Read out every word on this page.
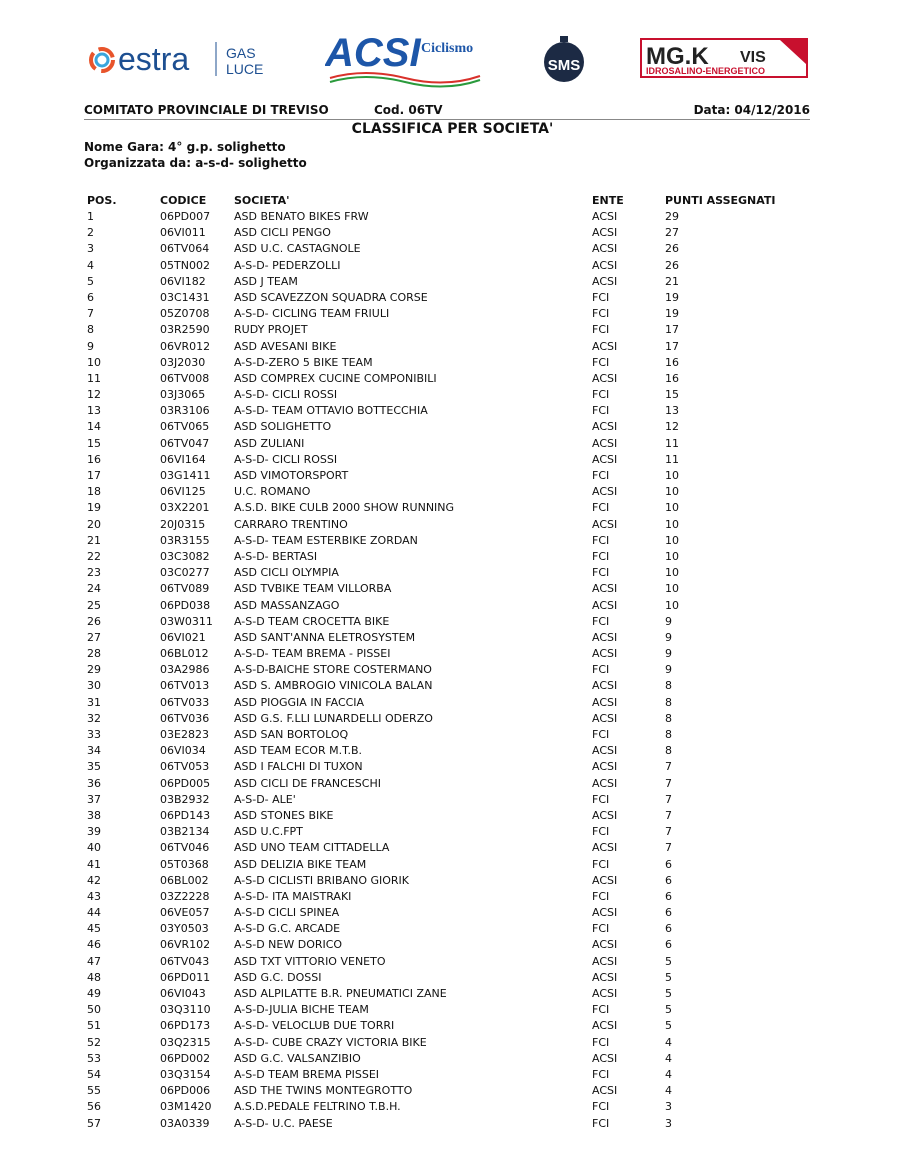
estra	GAS
LUCE ACSI Ciclismo
SMS	MG.K VIS
IDROSALINO-ENERGETICO
COMITATO PROVINCIALE DI TREVISO	Cod. 06TV	Data: 04/12/2016
CLASSIFICA PER SOCIETA'
Nome Gara: 4° g.p. solighetto
Organizzata da: a-s-d- solighetto
POS.	CODICE	SOCIETA'	ENTE	PUNTI ASSEGNATI
1	06PD007 ASD BENATO BIKES FRW	ACSI	29
2	06VI011	ASD CICLI PENGO	ACSI	27
3	06TV064 ASD U.C. CASTAGNOLE	ACSI	26
4	05TN002 A-S-D- PEDERZOLLI	ACSI	26
5	06VI182	ASD J TEAM	ACSI	21
6	03C1431 ASD SCAVEZZON SQUADRA CORSE	FCI	19
7	05Z0708 A-S-D- CICLING TEAM FRIULI	FCI	19
8	03R2590 RUDY PROJET	FCI	17
9	06VR012 ASD AVESANI BIKE	ACSI	17
10	03J2030	A-S-D-ZERO 5 BIKE TEAM	FCI	16
11	06TV008 ASD COMPREX CUCINE COMPONIBILI	ACSI	16
12	03J3065	A-S-D- CICLI ROSSI	FCI	15
13	03R3106 A-S-D- TEAM OTTAVIO BOTTECCHIA	FCI	13
14	06TV065 ASD SOLIGHETTO	ACSI	12
15	06TV047 ASD ZULIANI	ACSI	11
16	06VI164	A-S-D- CICLI ROSSI	ACSI	11
17	03G1411 ASD VIMOTORSPORT	FCI	10
18	06VI125	U.C. ROMANO	ACSI	10
19	03X2201 A.S.D. BIKE CULB 2000 SHOW RUNNING	FCI	10
20	20J0315	CARRARO TRENTINO	ACSI	10
21	03R3155 A-S-D- TEAM ESTERBIKE ZORDAN	FCI	10
22	03C3082 A-S-D- BERTASI	FCI	10
23	03C0277 ASD CICLI OLYMPIA	FCI	10
24	06TV089 ASD TVBIKE TEAM VILLORBA	ACSI	10
25	06PD038 ASD MASSANZAGO	ACSI	10
26	03W0311 A-S-D TEAM CROCETTA BIKE	FCI	9
27	06VI021	ASD SANT'ANNA ELETROSYSTEM	ACSI	9
28	06BL012 A-S-D- TEAM BREMA - PISSEI	ACSI	9
29	03A2986 A-S-D-BAICHE STORE COSTERMANO	FCI	9
30	06TV013 ASD S. AMBROGIO VINICOLA BALAN	ACSI	8
31	06TV033 ASD PIOGGIA IN FACCIA	ACSI	8
32	06TV036 ASD G.S. F.LLI LUNARDELLI ODERZO	ACSI	8
33	03E2823 ASD SAN BORTOLOQ	FCI	8
34	06VI034	ASD TEAM ECOR M.T.B.	ACSI	8
35	06TV053 ASD I FALCHI DI TUXON	ACSI	7
36	06PD005 ASD CICLI DE FRANCESCHI	ACSI	7
37	03B2932 A-S-D- ALE'	FCI	7
38	06PD143 ASD STONES BIKE	ACSI	7
39	03B2134 ASD U.C.FPT	FCI	7
40	06TV046 ASD UNO TEAM CITTADELLA	ACSI	7
41	05T0368 ASD DELIZIA BIKE TEAM	FCI	6
42	06BL002 A-S-D CICLISTI BRIBANO GIORIK	ACSI	6
43	03Z2228 A-S-D- ITA MAISTRAKI	FCI	6
44	06VE057 A-S-D CICLI SPINEA	ACSI	6
45	03Y0503 A-S-D G.C. ARCADE	FCI	6
46	06VR102 A-S-D NEW DORICO	ACSI	6
47	06TV043 ASD TXT VITTORIO VENETO	ACSI	5
48	06PD011 ASD G.C. DOSSI	ACSI	5
49	06VI043	ASD ALPILATTE B.R. PNEUMATICI ZANE	ACSI	5
50	03Q3110 A-S-D-JULIA BICHE TEAM	FCI	5
51	06PD173 A-S-D- VELOCLUB DUE TORRI	ACSI	5
52	03Q2315 A-S-D- CUBE CRAZY VICTORIA BIKE	FCI	4
53	06PD002 ASD G.C. VALSANZIBIO	ACSI	4
54	03Q3154 A-S-D TEAM BREMA PISSEI	FCI	4
55	06PD006 ASD THE TWINS MONTEGROTTO	ACSI	4
56	03M1420 A.S.D.PEDALE FELTRINO T.B.H.	FCI	3
57	03A0339 A-S-D- U.C. PAESE	FCI	3
